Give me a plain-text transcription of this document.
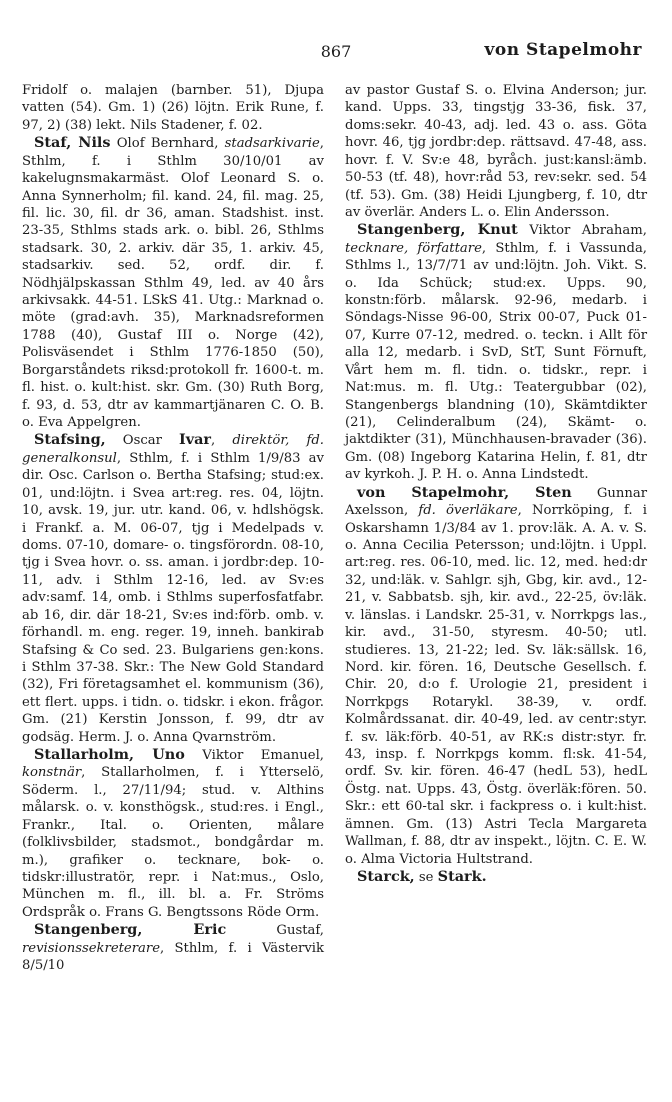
867	von Stapelmohr

Fridolf o. malajen (barnber. 51), Djupa vatten (54). Gm. 1) (26) löjtn. Erik Rune, f. 97, 2) (38) lekt. Nils Stadener, f. 02.

Staf, Nils Olof Bernhard, stadsarkivarie, Sthlm, f. i Sthlm 30/10/01 av kakelugnsmakarmäst. Olof Leonard S. o. Anna Synnerholm; fil. kand. 24, fil. mag. 25, fil. lic. 30, fil. dr 36, aman. Stadshist. inst. 23-35, Sthlms stads ark. o. bibl. 26, Sthlms stadsark. 30, 2. arkiv. där 35, 1. arkiv. 45, stadsarkiv. sed. 52, ordf. dir. f. Nödhjälpskassan Sthlm 49, led. av 40 års arkivsakk. 44-51. LSkS 41. Utg.: Marknad o. möte (grad:avh. 35), Marknadsreformen 1788 (40), Gustaf III o. Norge (42), Polisväsendet i Sthlm 1776-1850 (50), Borgarståndets riksd:protokoll fr. 1600-t. m. fl. hist. o. kult:hist. skr. Gm. (30) Ruth Borg, f. 93, d. 53, dtr av kammartjänaren C. O. B. o. Eva Appelgren.

Stafsing, Oscar Ivar, direktör, fd. generalkonsul, Sthlm, f. i Sthlm 1/9/83 av dir. Osc. Carlson o. Bertha Stafsing; stud:ex. 01, und:löjtn. i Svea art:reg. res. 04, löjtn. 10, avsk. 19, jur. utr. kand. 06, v. hdlshögsk. i Frankf. a. M. 06-07, tjg i Medelpads v. doms. 07-10, domare- o. tingsförordn. 08-10, tjg i Svea hovr. o. ss. aman. i jordbr:dep. 10-11, adv. i Sthlm 12-16, led. av Sv:es adv:samf. 14, omb. i Sthlms superfosfatfabr. ab 16, dir. där 18-21, Sv:es ind:förb. omb. v. förhandl. m. eng. reger. 19, inneh. bankirab Stafsing & Co sed. 23. Bulgariens gen:kons. i Sthlm 37-38. Skr.: The New Gold Standard (32), Fri företagsamhet el. kommunism (36), ett flert. upps. i tidn. o. tidskr. i ekon. frågor. Gm. (21) Kerstin Jonsson, f. 99, dtr av godsäg. Herm. J. o. Anna Qvarnström.

Stallarholm, Uno Viktor Emanuel, konstnär, Stallarholmen, f. i Ytterselö, Söderm. l., 27/11/94; stud. v. Althins målarsk. o. v. konsthögsk., stud:res. i Engl., Frankr., Ital. o. Orienten, målare (folklivsbilder, stadsmot., bondgårdar m. m.), grafiker o. tecknare, bok- o. tidskr:illustratör, repr. i Nat:mus., Oslo, München m. fl., ill. bl. a. Fr. Ströms Ordspråk o. Frans G. Bengtssons Röde Orm.

Stangenberg, Eric Gustaf, revisionssekreterare, Sthlm, f. i Västervik 8/5/10

av pastor Gustaf S. o. Elvina Anderson; jur. kand. Upps. 33, tingstjg 33-36, fisk. 37, doms:sekr. 40-43, adj. led. 43 o. ass. Göta hovr. 46, tjg jordbr:dep. rättsavd. 47-48, ass. hovr. f. V. Sv:e 48, byråch. just:kansl:ämb. 50-53 (tf. 48), hovr:råd 53, rev:sekr. sed. 54 (tf. 53). Gm. (38) Heidi Ljungberg, f. 10, dtr av överlär. Anders L. o. Elin Andersson.

Stangenberg, Knut Viktor Abraham, tecknare, författare, Sthlm, f. i Vassunda, Sthlms l., 13/7/71 av und:löjtn. Joh. Vikt. S. o. Ida Schück; stud:ex. Upps. 90, konstn:förb. målarsk. 92-96, medarb. i Söndags-Nisse 96-00, Strix 00-07, Puck 01-07, Kurre 07-12, medred. o. teckn. i Allt för alla 12, medarb. i SvD, StT, Sunt Förnuft, Vårt hem m. fl. tidn. o. tidskr., repr. i Nat:mus. m. fl. Utg.: Teatergubbar (02), Stangenbergs blandning (10), Skämtdikter (21), Celinderalbum (24), Skämt- o. jaktdikter (31), Münchhausen-bravader (36). Gm. (08) Ingeborg Katarina Helin, f. 81, dtr av kyrkoh. J. P. H. o. Anna Lindstedt.

von Stapelmohr, Sten Gunnar Axelsson, fd. överläkare, Norrköping, f. i Oskarshamn 1/3/84 av 1. prov:läk. A. A. v. S. o. Anna Cecilia Petersson; und:löjtn. i Uppl. art:reg. res. 06-10, med. lic. 12, med. hed:dr 32, und:läk. v. Sahlgr. sjh, Gbg, kir. avd., 12-21, v. Sabbatsb. sjh, kir. avd., 22-25, öv:läk. v. länslas. i Landskr. 25-31, v. Norrkpgs las., kir. avd., 31-50, styresm. 40-50; utl. studieres. 13, 21-22; led. Sv. läk:sällsk. 16, Nord. kir. fören. 16, Deutsche Gesellsch. f. Chir. 20, d:o f. Urologie 21, president i Norrkpgs Rotarykl. 38-39, v. ordf. Kolmårdssanat. dir. 40-49, led. av centr:styr. f. sv. läk:förb. 40-51, av RK:s distr:styr. fr. 43, insp. f. Norrkpgs komm. fl:sk. 41-54, ordf. Sv. kir. fören. 46-47 (hedL 53), hedL Östg. nat. Upps. 43, Östg. överläk:fören. 50. Skr.: ett 60-tal skr. i fackpress o. i kult:hist. ämnen. Gm. (13) Astri Tecla Margareta Wallman, f. 88, dtr av inspekt., löjtn. C. E. W. o. Alma Victoria Hultstrand.

Starck, se Stark.
